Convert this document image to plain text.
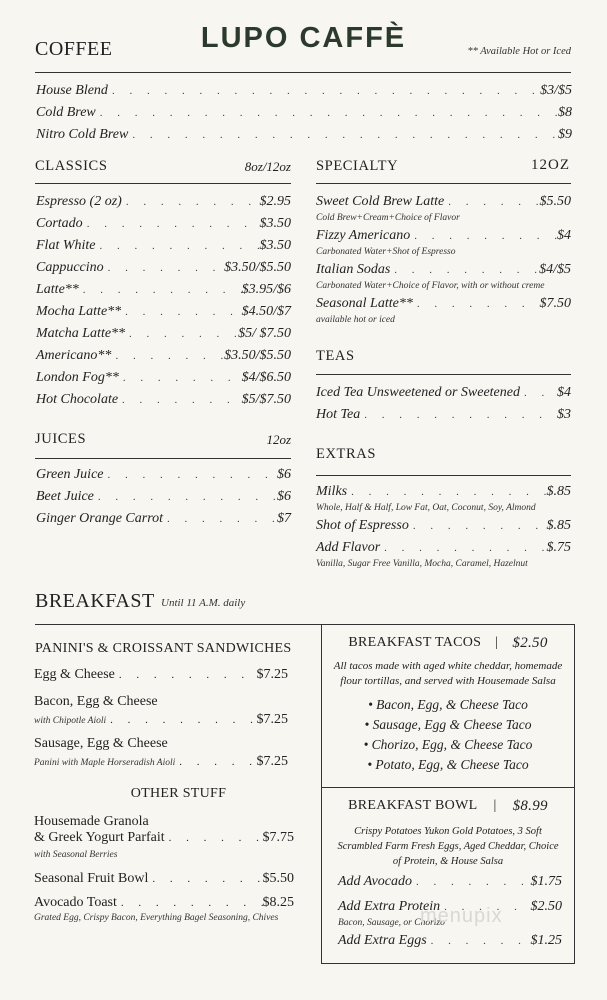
COFFEE	LUPO CAFFÈ	** Available Hot or Iced
House Blend . . .	$3/$5
Cold Brew . . .	$8
Nitro Cold Brew . . .	$9
CLASSICS	8oz/12oz
Espresso (2 oz) . . .	$2.95
Cortado . . .	$3.50
Flat White . . .	$3.50
Cappuccino . . .	$3.50/$5.50
Latte** . . .	$3.95/$6
Mocha Latte** . . .	$4.50/$7
Matcha Latte** . . .	$5/ $7.50
Americano** . . .	$3.50/$5.50
London Fog** . . .	$4/$6.50
Hot Chocolate . . .	$5/$7.50
JUICES	12oz
Green Juice . . .	$6
Beet Juice . . .	$6
Ginger Orange Carrot . . .	$7
SPECIALTY	12OZ
Sweet Cold Brew Latte . . .	$5.50
Cold Brew+Cream+Choice of Flavor
Fizzy Americano . . .	$4
Carbonated Water+Shot of Espresso
Italian Sodas . . .	$4/$5
Carbonated Water+Choice of Flavor, with or without creme
Seasonal Latte** . . .	$7.50
available hot or iced
TEAS
Iced Tea Unsweetened or Sweetened . . .	$4
Hot Tea . . .	$3
EXTRAS
Milks . . .	$.85
Whole, Half & Half, Low Fat, Oat, Coconut, Soy, Almond
Shot of Espresso . . .	$.85
Add Flavor . . .	$.75
Vanilla, Sugar Free Vanilla, Mocha, Caramel, Hazelnut
BREAKFAST Until 11 A.M. daily
PANINI'S & CROISSANT SANDWICHES
Egg & Cheese . . .	$7.25
Bacon, Egg & Cheese
with Chipotle Aioli . . .	$7.25
Sausage, Egg & Cheese
Panini with Maple Horseradish Aioli . . .	$7.25
OTHER STUFF
Housemade Granola
& Greek Yogurt Parfait . . .	$7.75
with Seasonal Berries
Seasonal Fruit Bowl . . .	$5.50
Avocado Toast . . .	$8.25
Grated Egg, Crispy Bacon, Everything Bagel Seasoning, Chives
BREAKFAST TACOS | $2.50
All tacos made with aged white cheddar, homemade flour tortillas, and served with Housemade Salsa
• Bacon, Egg, & Cheese Taco
• Sausage, Egg & Cheese Taco
• Chorizo, Egg, & Cheese Taco
• Potato, Egg, & Cheese Taco
BREAKFAST BOWL | $8.99
Crispy Potatoes Yukon Gold Potatoes, 3 Soft Scrambled Farm Fresh Eggs, Aged Cheddar, Choice of Protein, & House Salsa
Add Avocado . . .	$1.75
Add Extra Protein . . .	$2.50
Bacon, Sausage, or Chorizo
Add Extra Eggs . . .	$1.25
menupix
